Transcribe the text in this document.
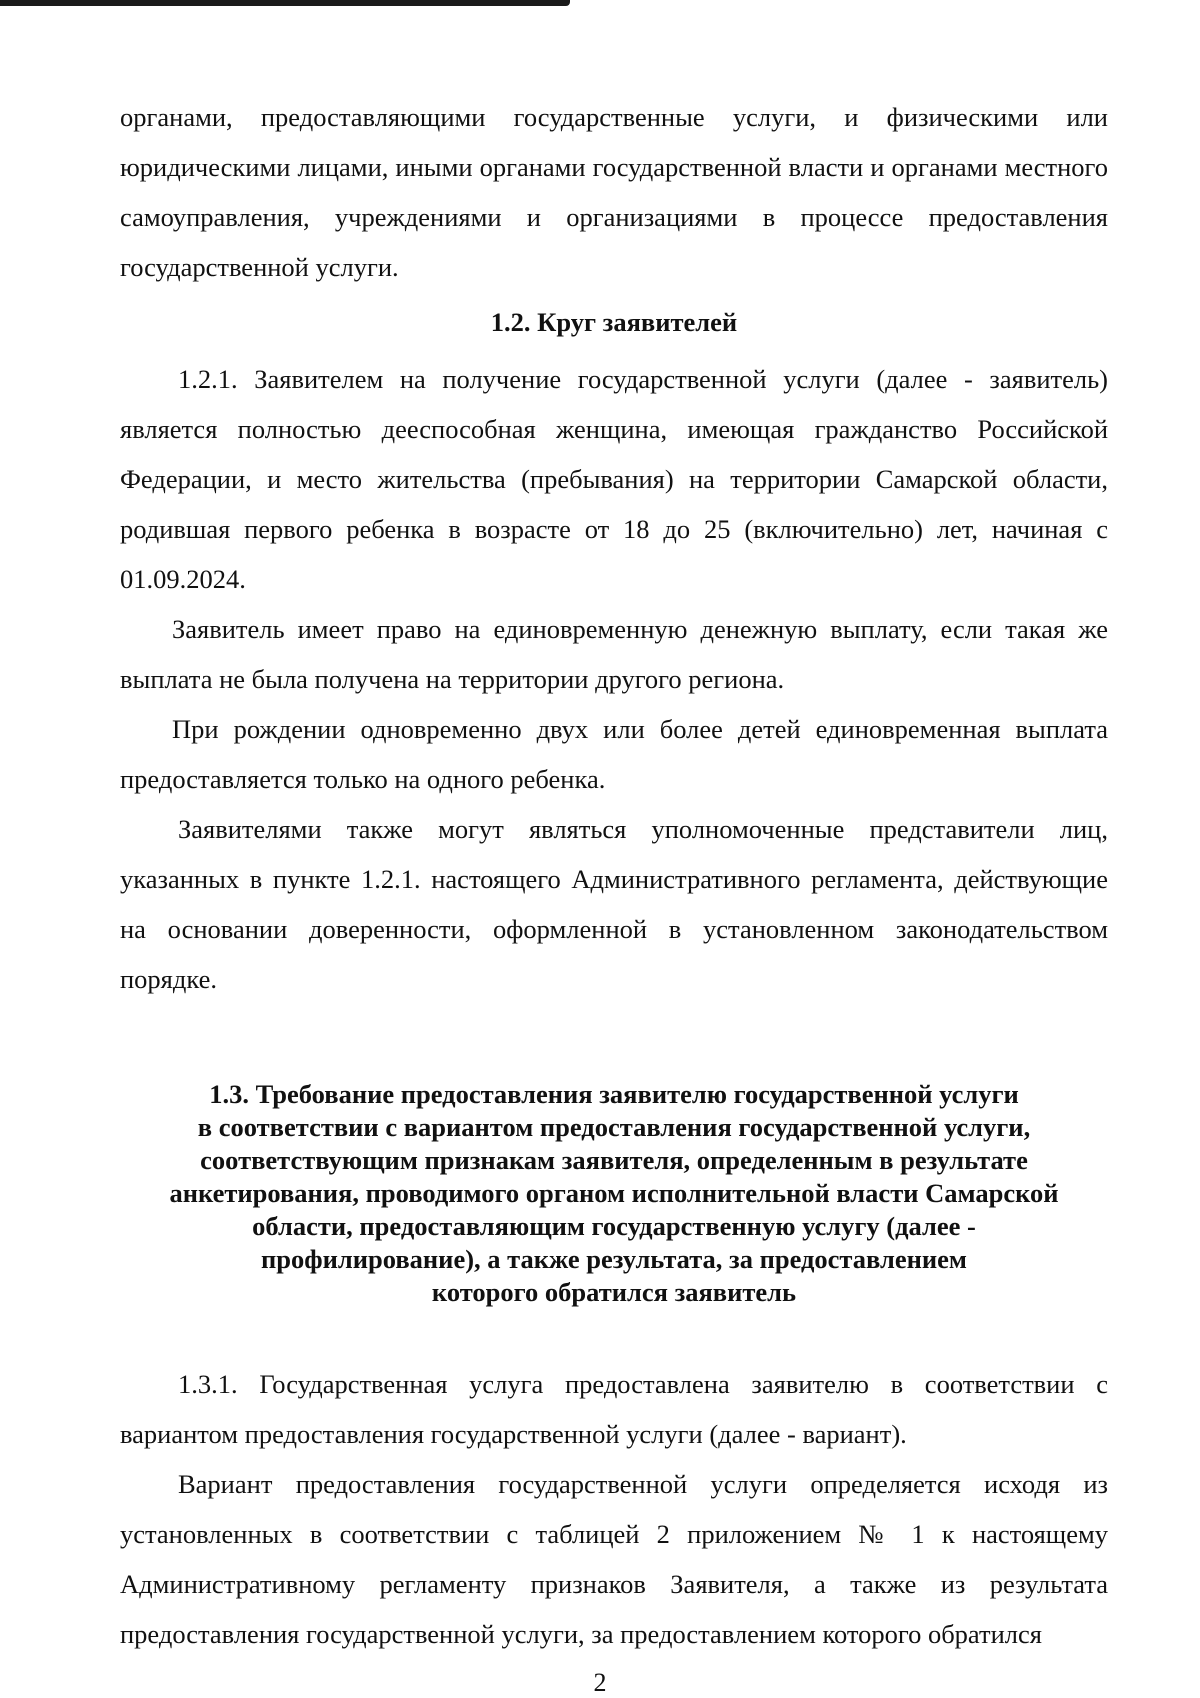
органами, предоставляющими государственные услуги, и физическими или юридическими лицами, иными органами государственной власти и органами местного самоуправления, учреждениями и организациями в процессе предоставления государственной услуги.

1.2. Круг заявителей

1.2.1. Заявителем на получение государственной услуги (далее - заявитель) является полностью дееспособная женщина, имеющая гражданство Российской Федерации, и место жительства (пребывания) на территории Самарской области, родившая первого ребенка в возрасте от 18 до 25 (включительно) лет, начиная с 01.09.2024.

Заявитель имеет право на единовременную денежную выплату, если такая же выплата не была получена на территории другого региона.

При рождении одновременно двух или более детей единовременная выплата предоставляется только на одного ребенка.

Заявителями также могут являться уполномоченные представители лиц, указанных в пункте 1.2.1. настоящего Административного регламента, действующие на основании доверенности, оформленной в установленном законодательством порядке.

1.3. Требование предоставления заявителю государственной услуги
в соответствии с вариантом предоставления государственной услуги,
соответствующим признакам заявителя, определенным в результате
анкетирования, проводимого органом исполнительной власти Самарской
области, предоставляющим государственную услугу (далее -
профилирование), а также результата, за предоставлением
которого обратился заявитель

1.3.1. Государственная услуга предоставлена заявителю в соответствии с вариантом предоставления государственной услуги (далее - вариант).

Вариант предоставления государственной услуги определяется исходя из установленных в соответствии с таблицей 2 приложением № 1 к настоящему Административному регламенту признаков Заявителя, а также из результата предоставления государственной услуги, за предоставлением которого обратился

2
